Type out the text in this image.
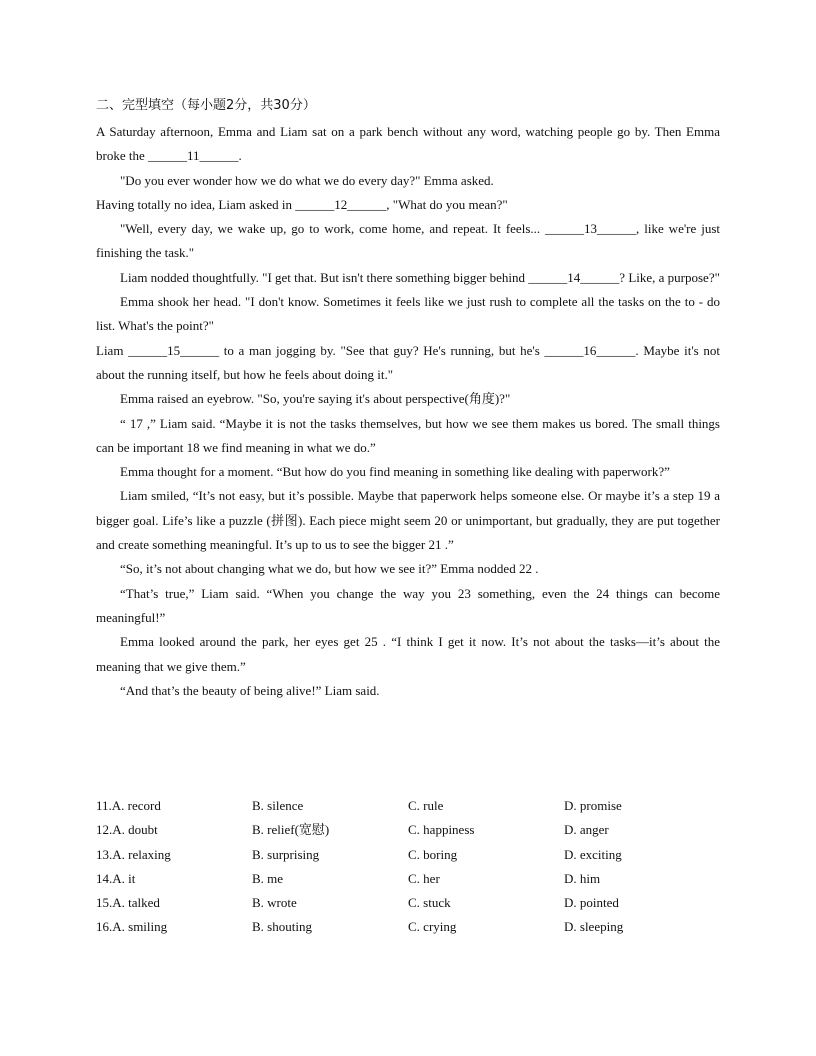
二、完型填空（每小题2分，共30分）

A Saturday afternoon, Emma and Liam sat on a park bench without any word, watching people go by. Then Emma broke the ______11______.

"Do you ever wonder how we do what we do every day?" Emma asked.

Having totally no idea, Liam asked in ______12______, "What do you mean?"

"Well, every day, we wake up, go to work, come home, and repeat. It feels... ______13______, like we're just finishing the task."

Liam nodded thoughtfully. "I get that. But isn't there something bigger behind ______14______? Like, a purpose?"

Emma shook her head. "I don't know. Sometimes it feels like we just rush to complete all the tasks on the to - do list. What's the point?"

Liam ______15______ to a man jogging by. "See that guy? He's running, but he's ______16______. Maybe it's not about the running itself, but how he feels about doing it."

Emma raised an eyebrow. "So, you're saying it's about perspective(角度)?"

“ 17 ,” Liam said. “Maybe it is not the tasks themselves, but how we see them makes us bored. The small things can be important 18 we find meaning in what we do.”

Emma thought for a moment. “But how do you find meaning in something like dealing with paperwork?”

Liam smiled, “It’s not easy, but it’s possible. Maybe that paperwork helps someone else. Or maybe it’s a step 19 a bigger goal. Life’s like a puzzle (拼图). Each piece might seem 20 or unimportant, but gradually, they are put together and create something meaningful. It’s up to us to see the bigger 21 .”

“So, it’s not about changing what we do, but how we see it?” Emma nodded 22 .

“That’s true,” Liam said. “When you change the way you 23 something, even the 24 things can become meaningful!”

Emma looked around the park, her eyes get 25 . “I think I get it now. It’s not about the tasks—it’s about the meaning that we give them.”

“And that’s the beauty of being alive!” Liam said.

11.A. record	B. silence	C. rule	D. promise
12.A. doubt	B. relief(宽慰)	C. happiness	D. anger
13.A. relaxing	B. surprising	C. boring	D. exciting
14.A. it	B. me	C. her	D. him
15.A. talked	B. wrote	C. stuck	D. pointed
16.A. smiling	B. shouting	C. crying	D. sleeping
